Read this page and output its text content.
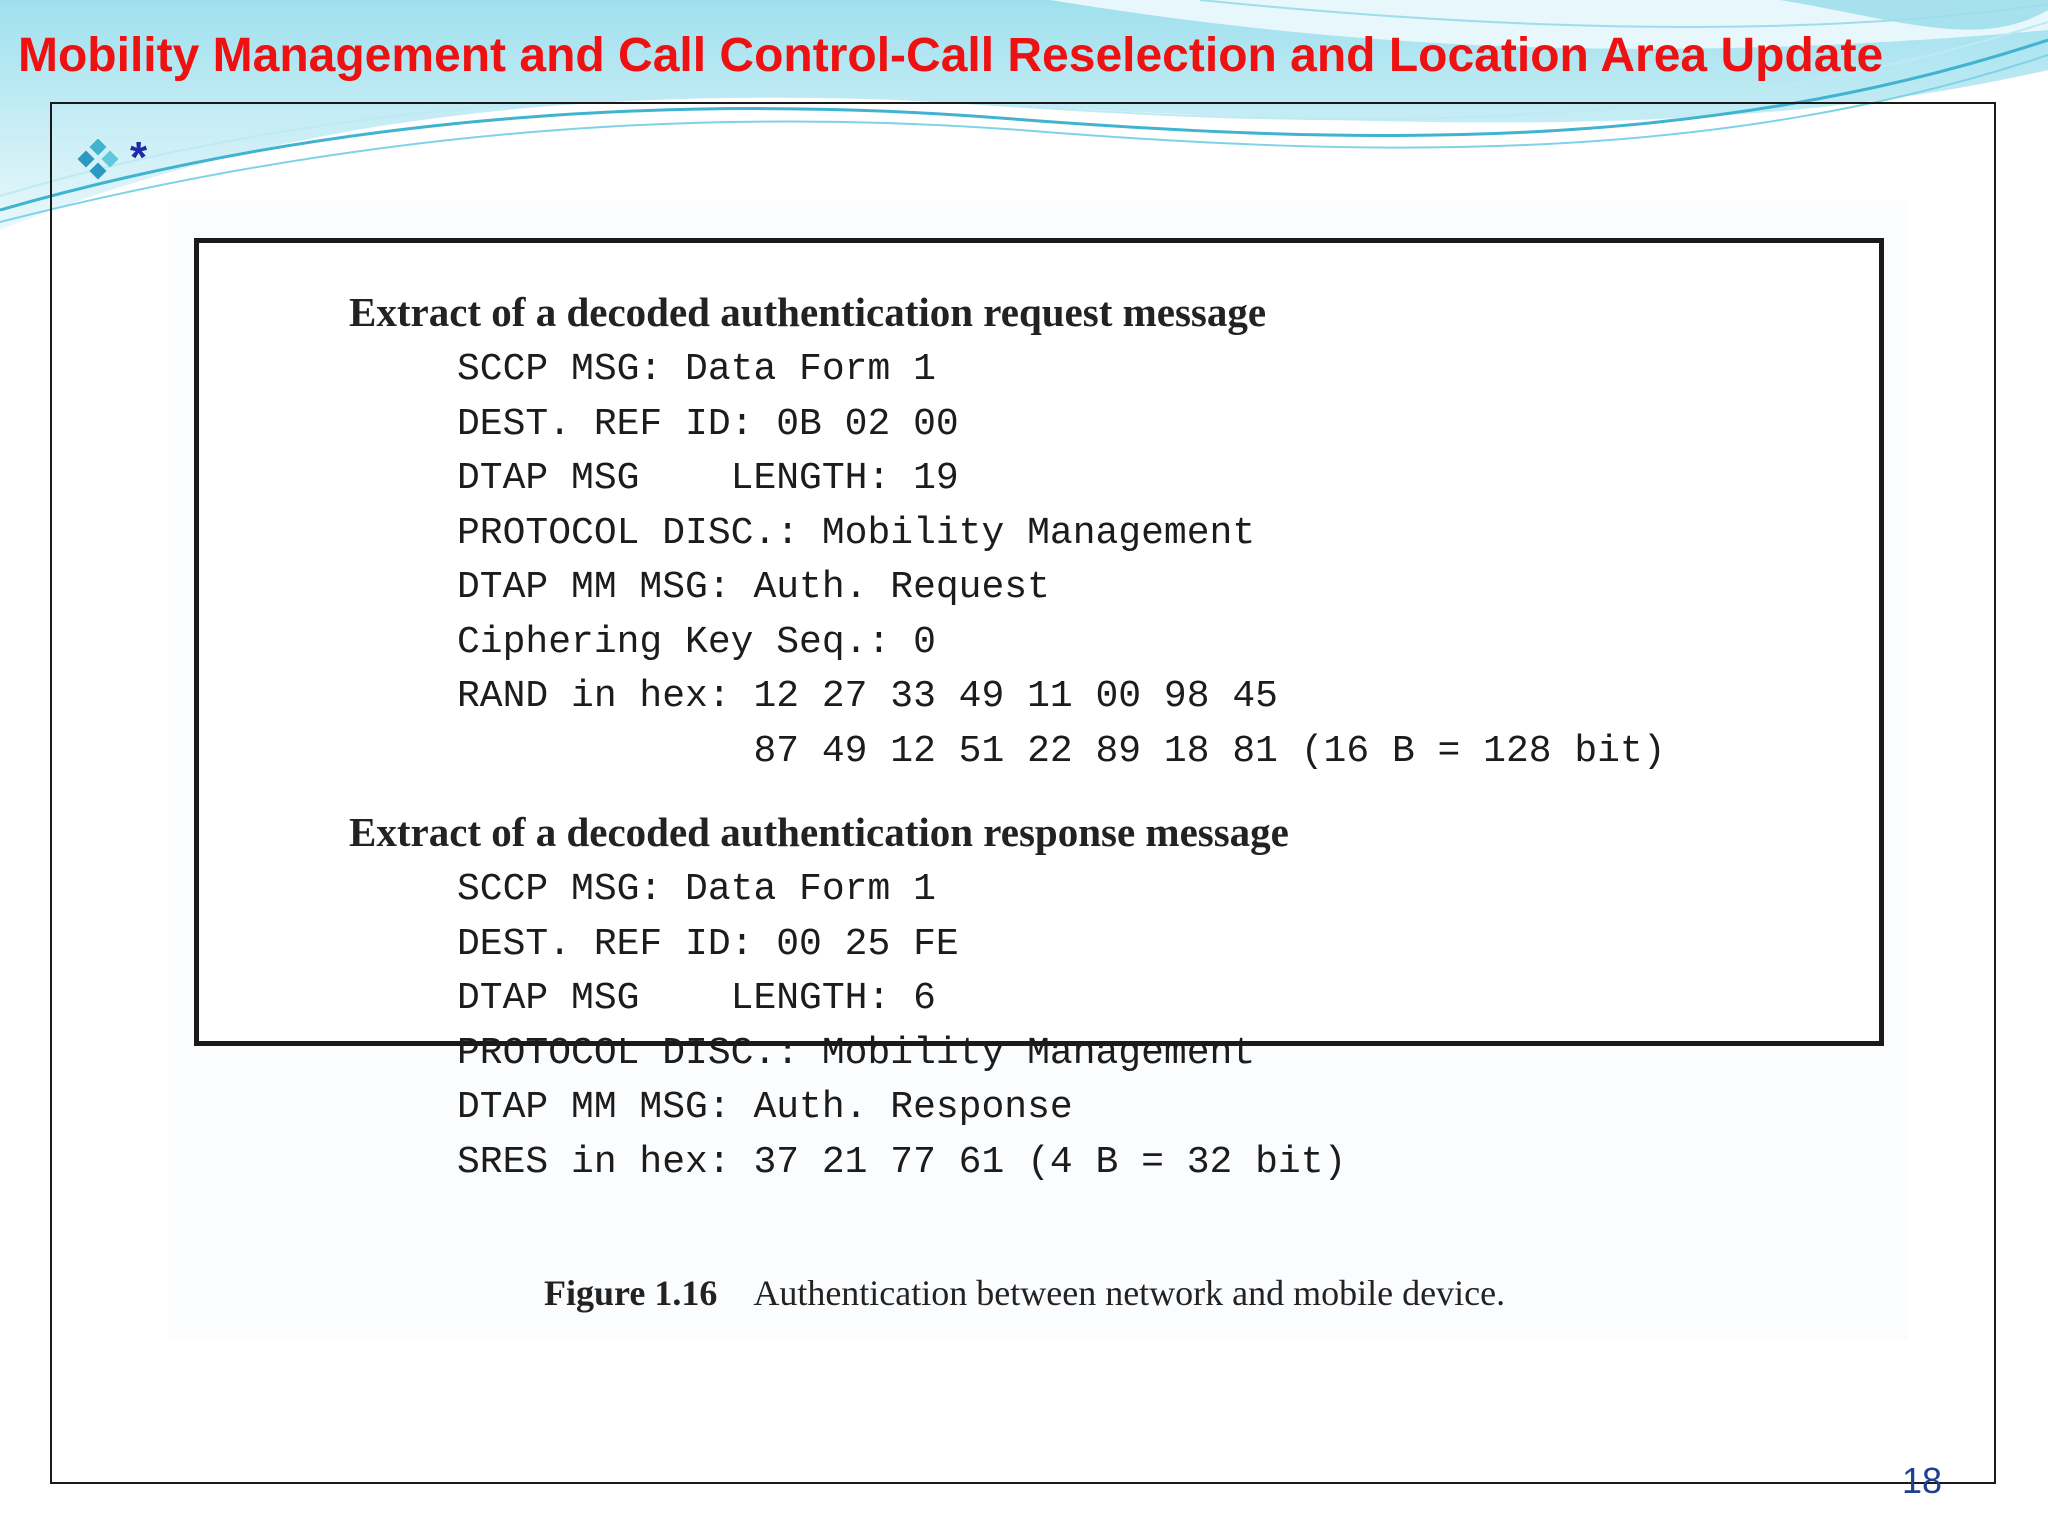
Mobility Management and Call Control-Call Reselection and Location Area Update
*

Extract of a decoded authentication request message

SCCP MSG: Data Form 1

DEST. REF ID: 0B 02 00

DTAP MSG    LENGTH: 19

PROTOCOL DISC.: Mobility Management

DTAP MM MSG: Auth. Request

Ciphering Key Seq.: 0

RAND in hex: 12 27 33 49 11 00 98 45

87 49 12 51 22 89 18 81 (16 B = 128 bit)

Extract of a decoded authentication response message

SCCP MSG: Data Form 1

DEST. REF ID: 00 25 FE

DTAP MSG    LENGTH: 6

PROTOCOL DISC.: Mobility Management

DTAP MM MSG: Auth. Response

SRES in hex: 37 21 77 61 (4 B = 32 bit)

Figure 1.16 Authentication between network and mobile device.
18
